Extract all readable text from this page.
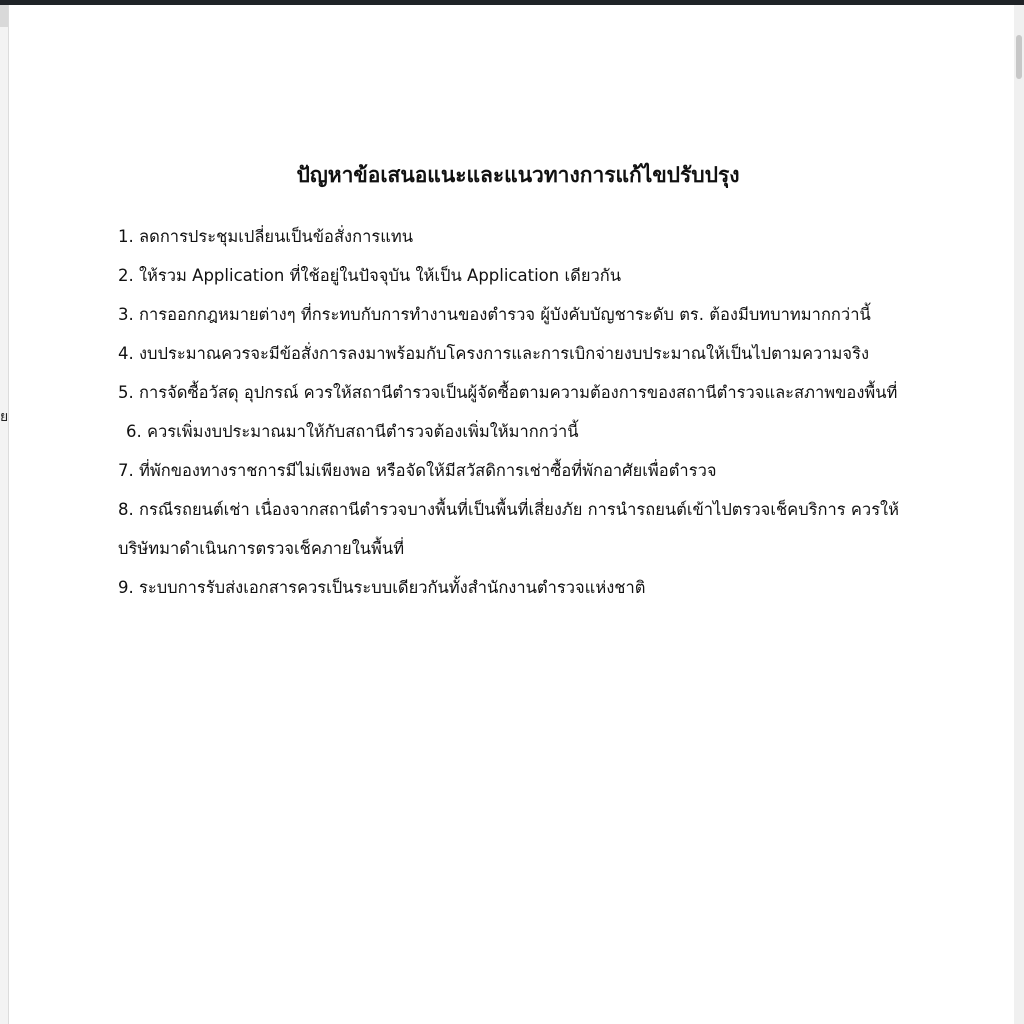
ย
ปัญหาข้อเสนอแนะและแนวทางการแก้ไขปรับปรุง
1. ลดการประชุมเปลี่ยนเป็นข้อสั่งการแทน
2. ให้รวม Application ที่ใช้อยู่ในปัจจุบัน ให้เป็น Application เดียวกัน
3. การออกกฎหมายต่างๆ ที่กระทบกับการทำงานของตำรวจ ผู้บังคับบัญชาระดับ ตร. ต้องมีบทบาทมากกว่านี้
4. งบประมาณควรจะมีข้อสั่งการลงมาพร้อมกับโครงการและการเบิกจ่ายงบประมาณให้เป็นไปตามความจริง
5. การจัดซื้อวัสดุ อุปกรณ์ ควรให้สถานีตำรวจเป็นผู้จัดซื้อตามความต้องการของสถานีตำรวจและสภาพของพื้นที่
6. ควรเพิ่มงบประมาณมาให้กับสถานีตำรวจต้องเพิ่มให้มากกว่านี้
7. ที่พักของทางราชการมีไม่เพียงพอ หรือจัดให้มีสวัสดิการเช่าซื้อที่พักอาศัยเพื่อตำรวจ
8. กรณีรถยนต์เช่า เนื่องจากสถานีตำรวจบางพื้นที่เป็นพื้นที่เสี่ยงภัย การนำรถยนต์เข้าไปตรวจเช็คบริการ ควรให้บริษัทมาดำเนินการตรวจเช็คภายในพื้นที่
9. ระบบการรับส่งเอกสารควรเป็นระบบเดียวกันทั้งสำนักงานตำรวจแห่งชาติ
